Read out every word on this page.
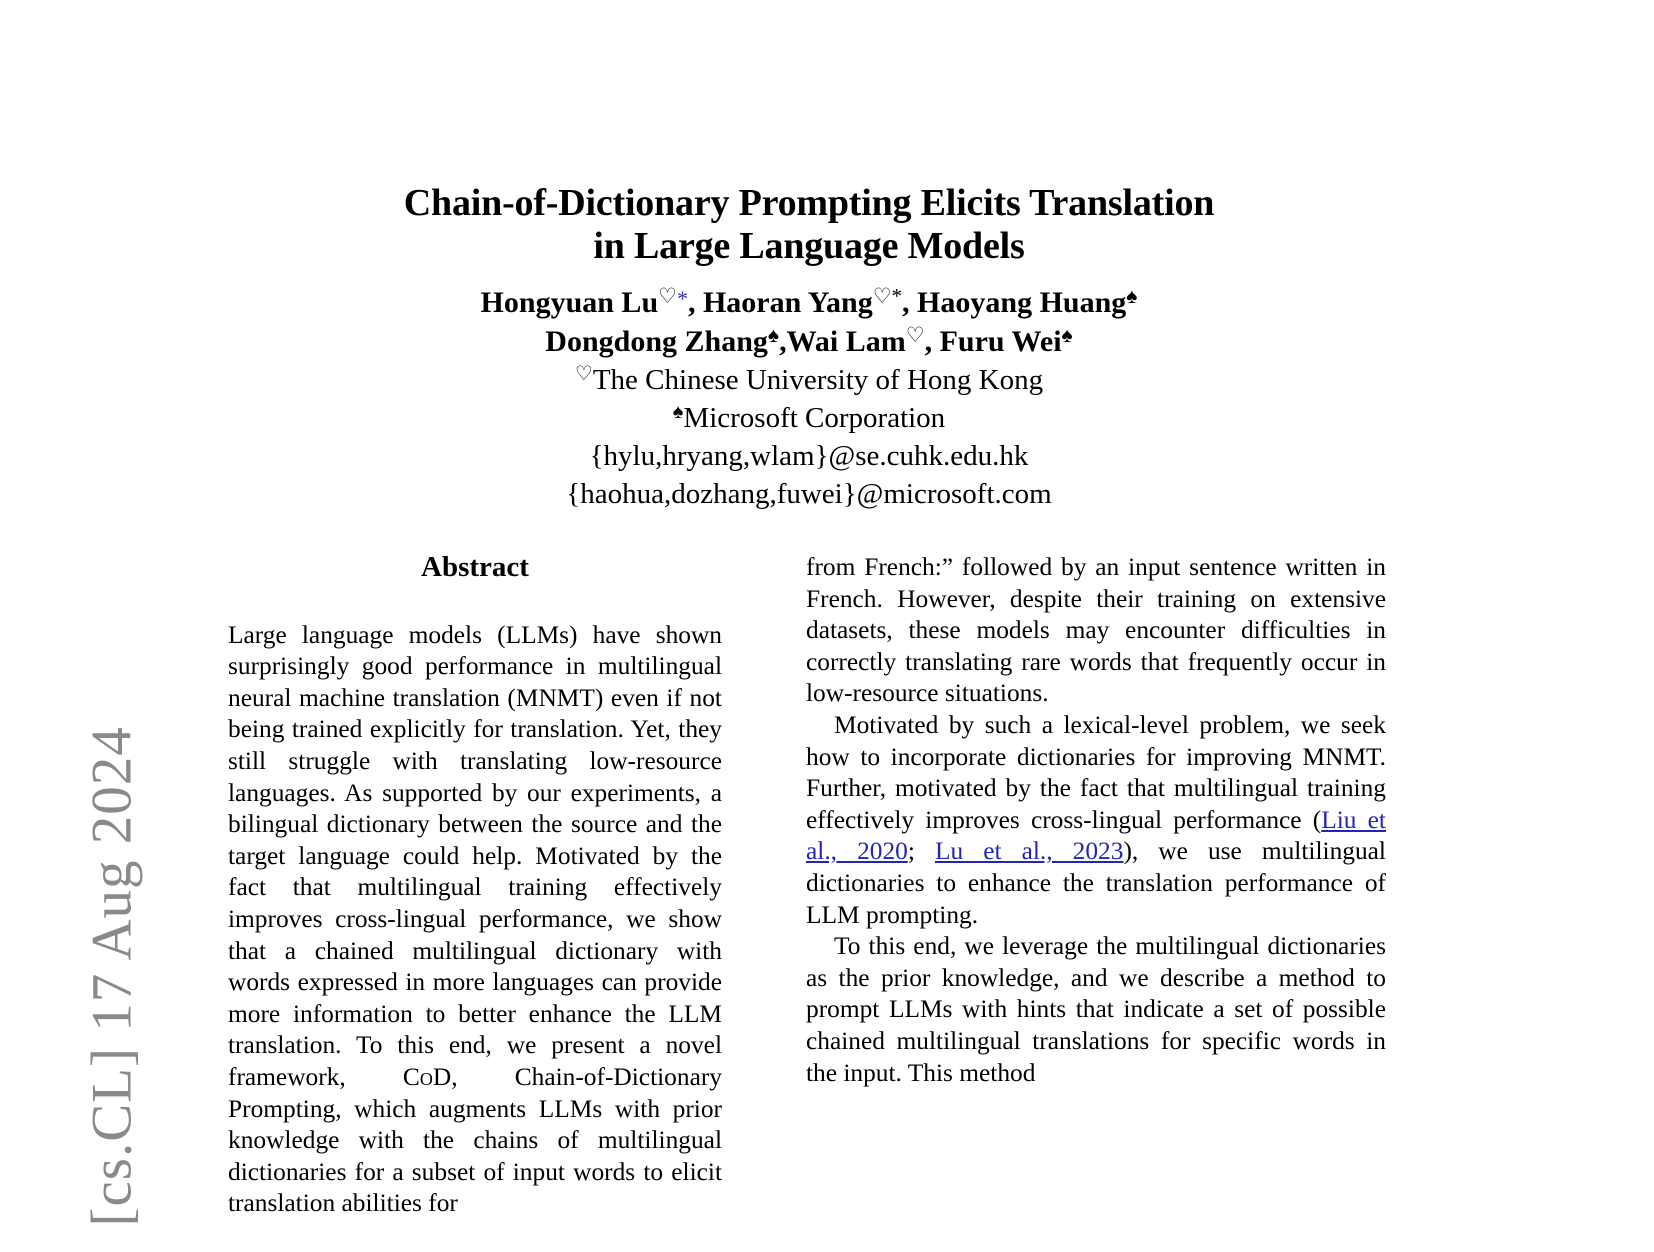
[cs.CL] 17 Aug 2024
Chain-of-Dictionary Prompting Elicits Translation
in Large Language Models
Hongyuan Lu♡*, Haoran Yang♡*, Haoyang Huang♠
Dongdong Zhang♠,Wai Lam♡, Furu Wei♠
♡The Chinese University of Hong Kong
♠Microsoft Corporation
{hylu,hryang,wlam}@se.cuhk.edu.hk
{haohua,dozhang,fuwei}@microsoft.com
Abstract

Large language models (LLMs) have shown surprisingly good performance in multilingual neural machine translation (MNMT) even if not being trained explicitly for translation. Yet, they still struggle with translating low-resource languages. As supported by our experiments, a bilingual dictionary between the source and the target language could help. Motivated by the fact that multilingual training effectively improves cross-lingual performance, we show that a chained multilingual dictionary with words expressed in more languages can provide more information to better enhance the LLM translation. To this end, we present a novel framework, CoD, Chain-of-Dictionary Prompting, which augments LLMs with prior knowledge with the chains of multilingual dictionaries for a subset of input words to elicit translation abilities for

from French:” followed by an input sentence written in French. However, despite their training on extensive datasets, these models may encounter difficulties in correctly translating rare words that frequently occur in low-resource situations.

Motivated by such a lexical-level problem, we seek how to incorporate dictionaries for improving MNMT. Further, motivated by the fact that multilingual training effectively improves cross-lingual performance (Liu et al., 2020; Lu et al., 2023), we use multilingual dictionaries to enhance the translation performance of LLM prompting.

To this end, we leverage the multilingual dictionaries as the prior knowledge, and we describe a method to prompt LLMs with hints that indicate a set of possible chained multilingual translations for specific words in the input. This method
